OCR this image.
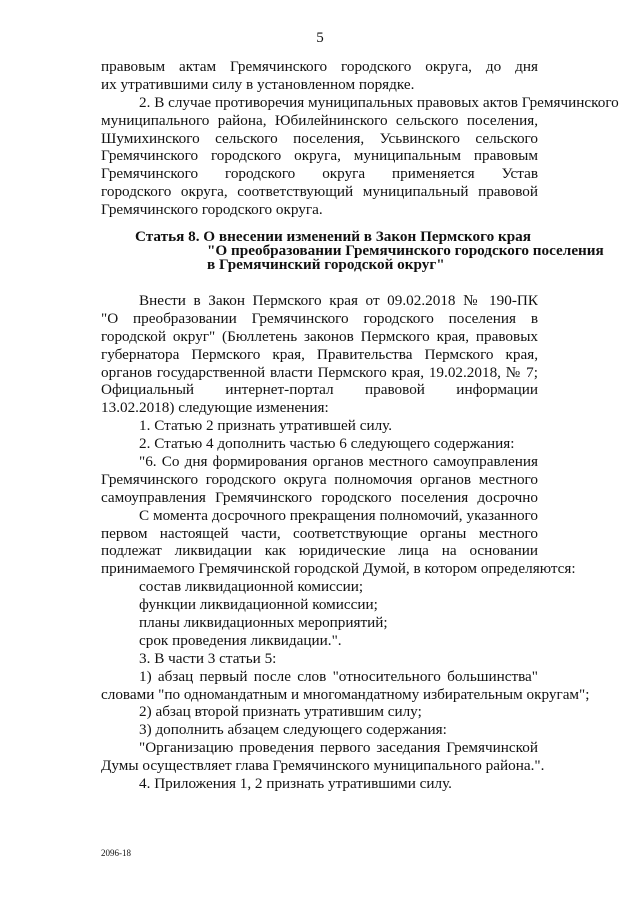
5
правовым актам Гремячинского городского округа, до дня
их утратившими силу в установленном порядке.
2. В случае противоречия муниципальных правовых актов Гремячинского
муниципального района, Юбилейнинского сельского поселения,
Шумихинского сельского поселения, Усьвинского сельского
Гремячинского городского округа, муниципальным правовым
Гремячинского городского округа применяется Устав
городского округа, соответствующий муниципальный правовой
Гремячинского городского округа.
Статья 8. О внесении изменений в Закон Пермского края
"О преобразовании Гремячинского городского поселения
в Гремячинский городской округ"
Внести в Закон Пермского края от 09.02.2018 № 190-ПК
"О преобразовании Гремячинского городского поселения в
городской округ" (Бюллетень законов Пермского края, правовых
губернатора Пермского края, Правительства Пермского края,
органов государственной власти Пермского края, 19.02.2018, № 7;
Официальный интернет-портал правовой информации
13.02.2018) следующие изменения:
1. Статью 2 признать утратившей силу.
2. Статью 4 дополнить частью 6 следующего содержания:
"6. Со дня формирования органов местного самоуправления
Гремячинского городского округа полномочия органов местного
самоуправления Гремячинского городского поселения досрочно
С момента досрочного прекращения полномочий, указанного
первом настоящей части, соответствующие органы местного
подлежат ликвидации как юридические лица на основании
принимаемого Гремячинской городской Думой, в котором определяются:
состав ликвидационной комиссии;
функции ликвидационной комиссии;
планы ликвидационных мероприятий;
срок проведения ликвидации.".
3. В части 3 статьи 5:
1) абзац первый после слов "относительного большинства"
словами "по одномандатным и многомандатному избирательным округам";
2) абзац второй признать утратившим силу;
3) дополнить абзацем следующего содержания:
"Организацию проведения первого заседания Гремячинской
Думы осуществляет глава Гремячинского муниципального района.".
4. Приложения 1, 2 признать утратившими силу.
2096-18
